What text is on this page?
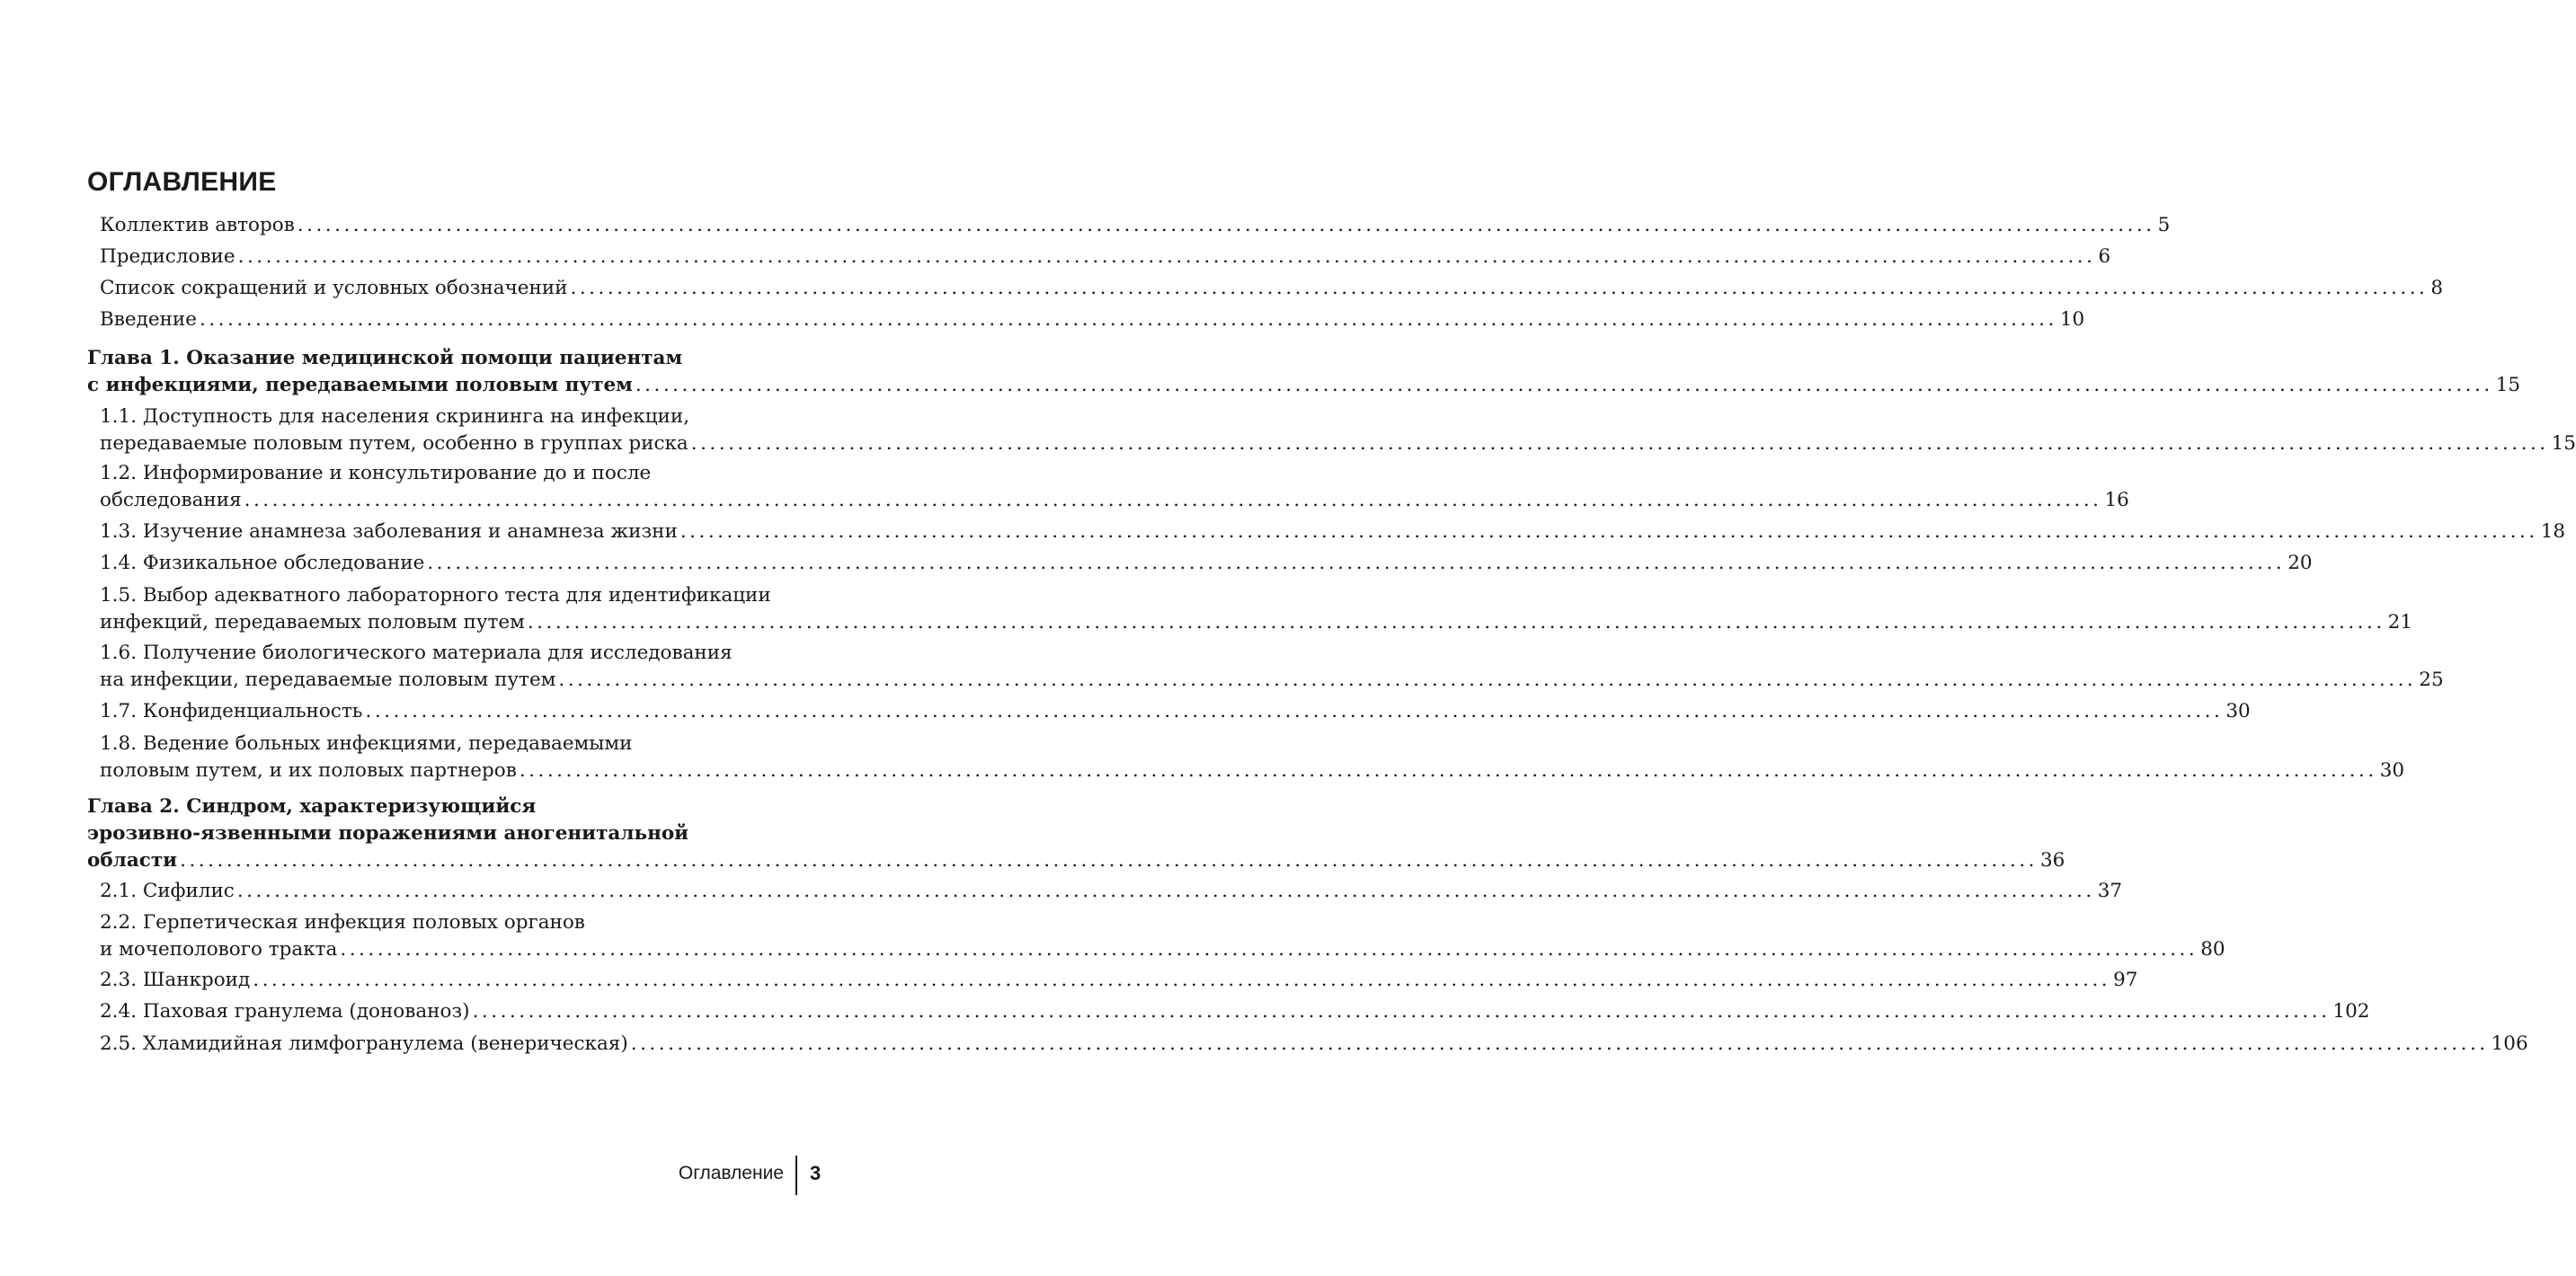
ОГЛАВЛЕНИЕ
Коллектив авторов ........................................................................................................................................................................................................ 5
Предисловие ........................................................................................................................................................................................................ 6
Список сокращений и условных обозначений ........................................................................................................................................................................................................ 8
Введение ........................................................................................................................................................................................................ 10
Глава 1. Оказание медицинской помощи пациентам
с инфекциями, передаваемыми половым путем ........................................................................................................................................................................................................ 15
1.1. Доступность для населения скрининга на инфекции,
передаваемые половым путем, особенно в группах риска ........................................................................................................................................................................................................ 15
1.2. Информирование и консультирование до и после
обследования ........................................................................................................................................................................................................ 16
1.3. Изучение анамнеза заболевания и анамнеза жизни ........................................................................................................................................................................................................ 18
1.4. Физикальное обследование ........................................................................................................................................................................................................ 20
1.5. Выбор адекватного лабораторного теста для идентификации
инфекций, передаваемых половым путем ........................................................................................................................................................................................................ 21
1.6. Получение биологического материала для исследования
на инфекции, передаваемые половым путем ........................................................................................................................................................................................................ 25
1.7. Конфиденциальность ........................................................................................................................................................................................................ 30
1.8. Ведение больных инфекциями, передаваемыми
половым путем, и их половых партнеров ........................................................................................................................................................................................................ 30
Глава 2. Синдром, характеризующийся
эрозивно-язвенными поражениями аногенитальной
области ........................................................................................................................................................................................................ 36
2.1. Сифилис ........................................................................................................................................................................................................ 37
2.2. Герпетическая инфекция половых органов
и мочеполового тракта ........................................................................................................................................................................................................ 80
2.3. Шанкроид ........................................................................................................................................................................................................ 97
2.4. Паховая гранулема (донованоз) ........................................................................................................................................................................................................ 102
2.5. Хламидийная лимфогранулема (венерическая) ........................................................................................................................................................................................................ 106
Оглавление 3
